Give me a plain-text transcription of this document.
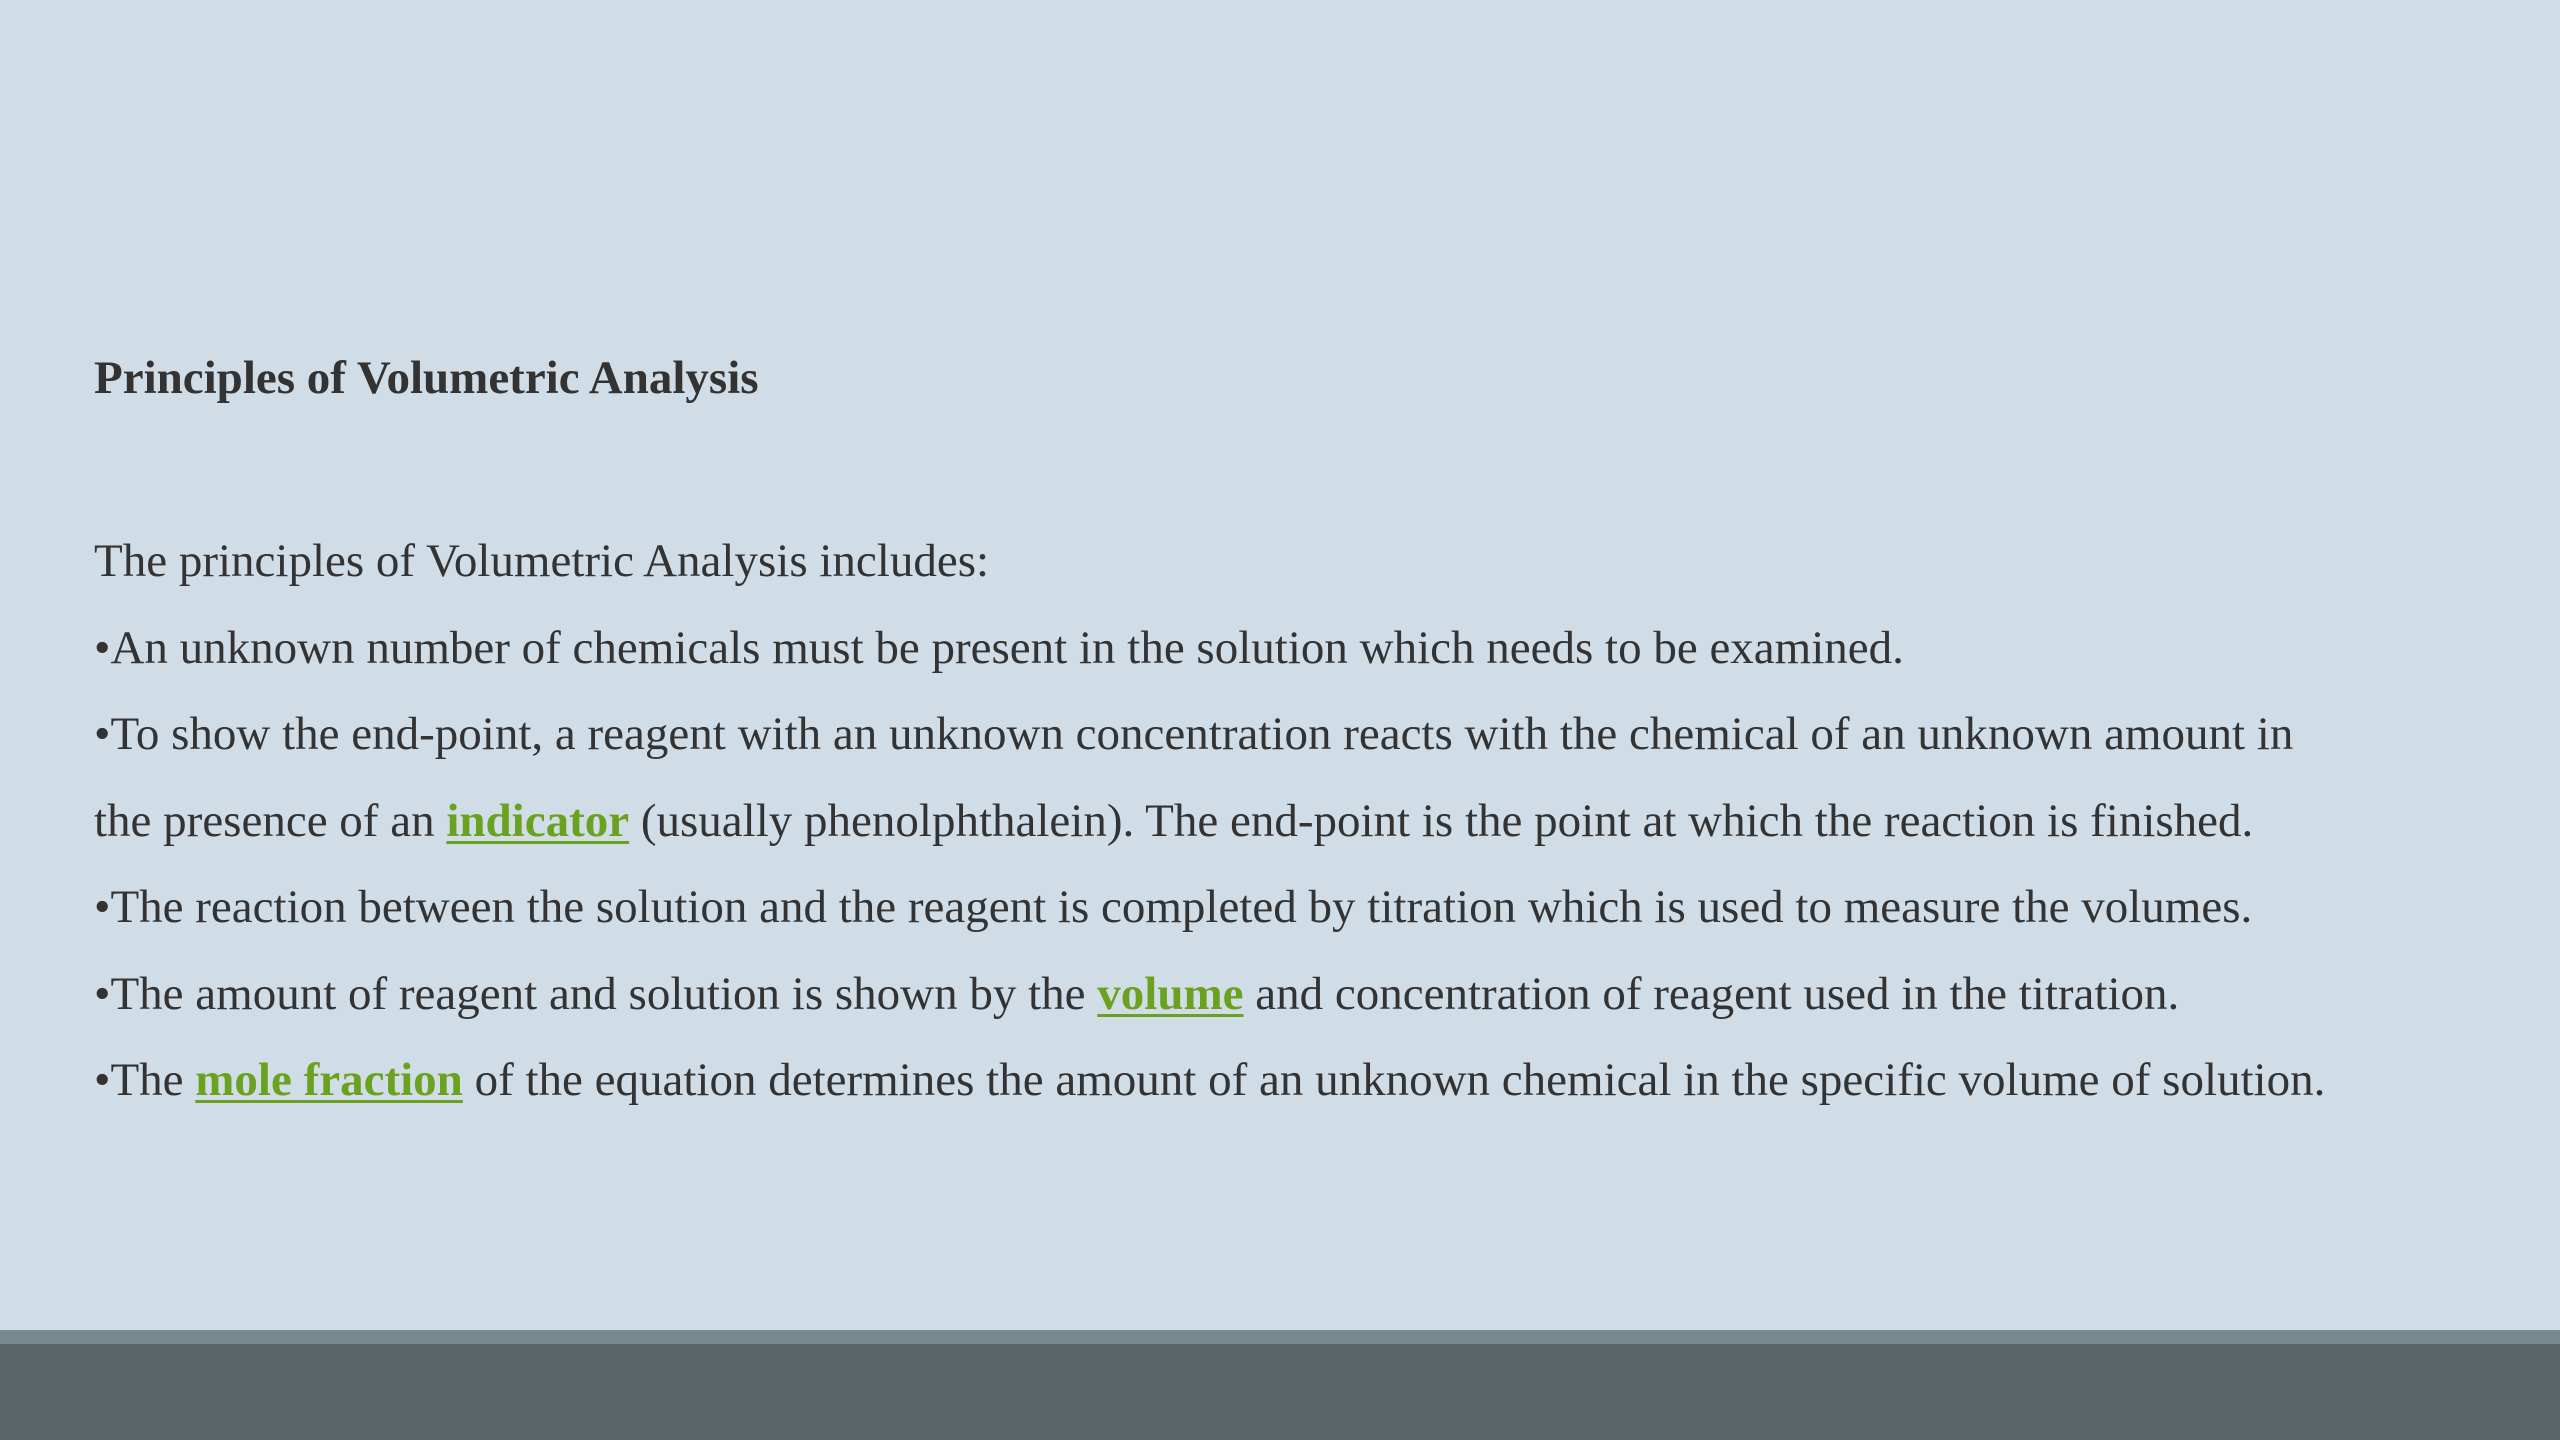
Principles of Volumetric Analysis
The principles of Volumetric Analysis includes:
•An unknown number of chemicals must be present in the solution which needs to be examined.
•To show the end-point, a reagent with an unknown concentration reacts with the chemical of an unknown amount in
the presence of an indicator (usually phenolphthalein). The end-point is the point at which the reaction is finished.
•The reaction between the solution and the reagent is completed by titration which is used to measure the volumes.
•The amount of reagent and solution is shown by the volume and concentration of reagent used in the titration.
•The mole fraction of the equation determines the amount of an unknown chemical in the specific volume of solution.
